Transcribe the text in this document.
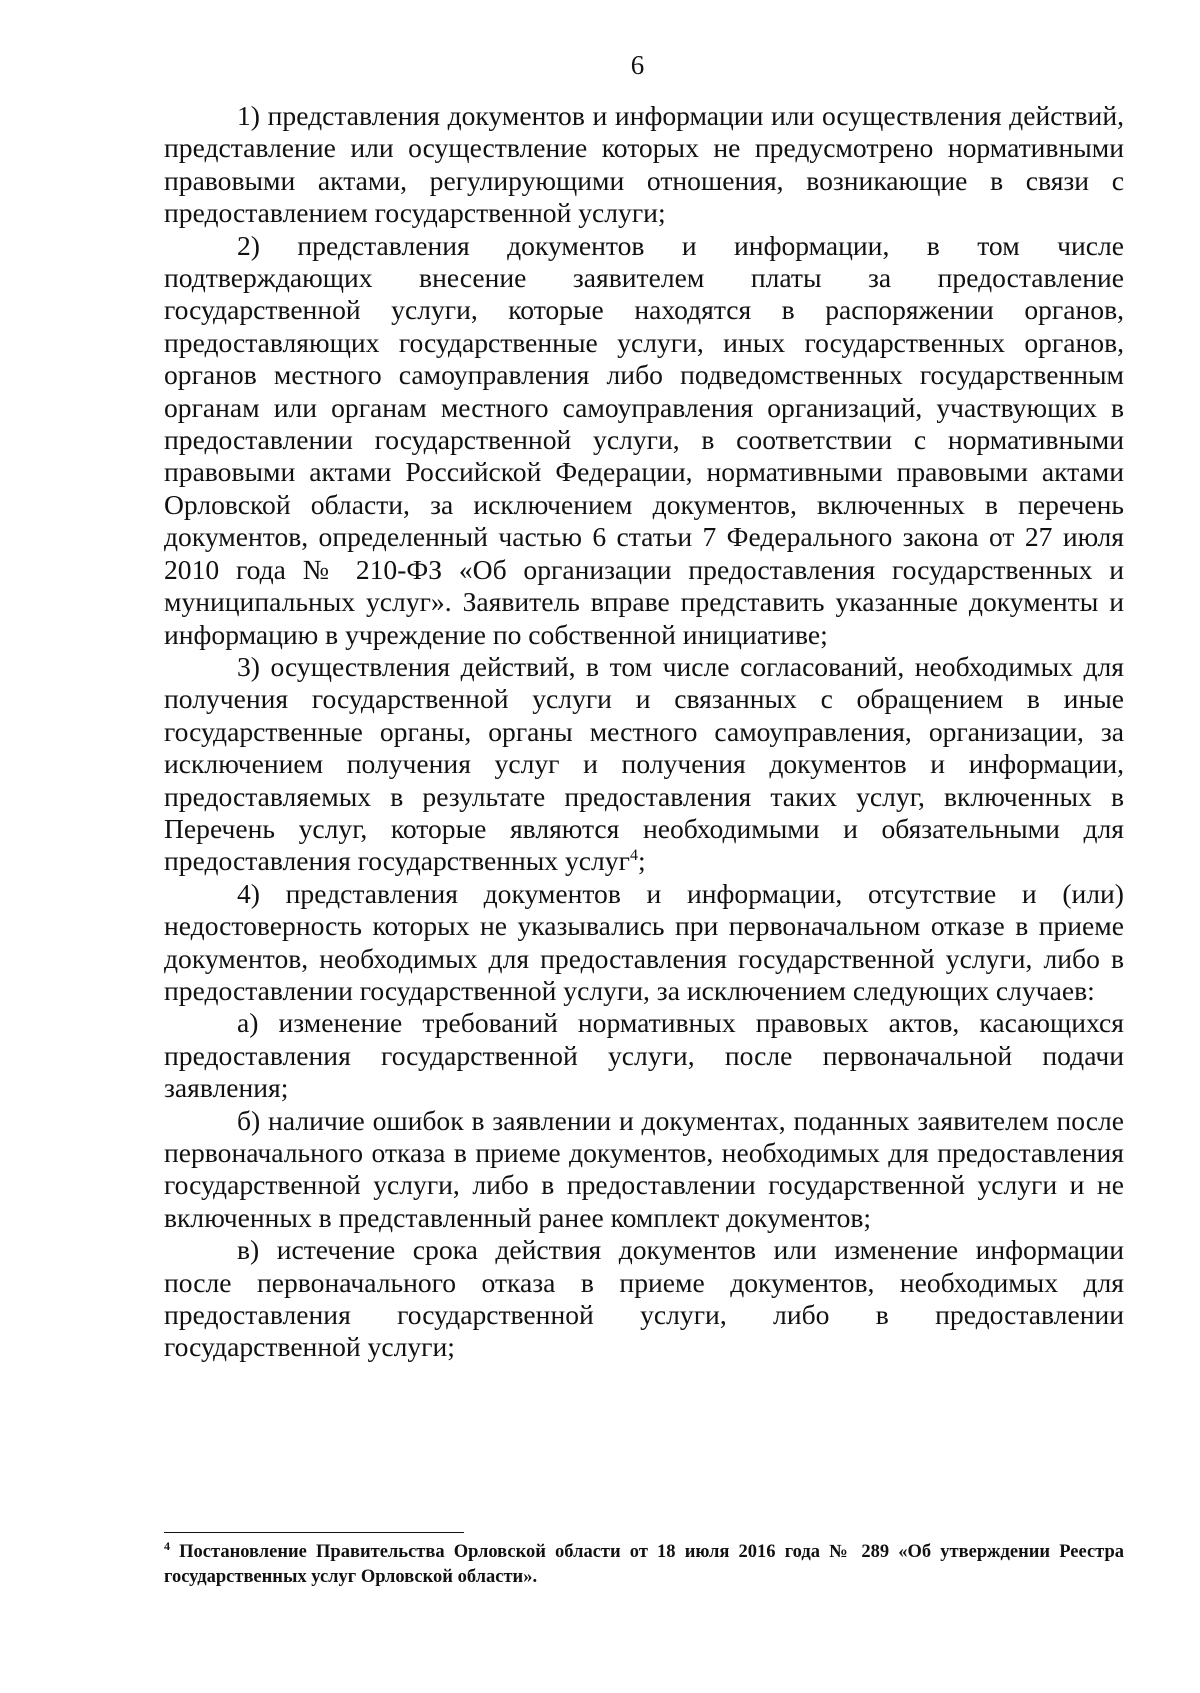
6

1) представления документов и информации или осуществления действий, представление или осуществление которых не предусмотрено нормативными правовыми актами, регулирующими отношения, возникающие в связи с предоставлением государственной услуги;

2) представления документов и информации, в том числе подтверждающих внесение заявителем платы за предоставление государственной услуги, которые находятся в распоряжении органов, предоставляющих государственные услуги, иных государственных органов, органов местного самоуправления либо подведомственных государственным органам или органам местного самоуправления организаций, участвующих в предоставлении государственной услуги, в соответствии с нормативными правовыми актами Российской Федерации, нормативными правовыми актами Орловской области, за исключением документов, включенных в перечень документов, определенный частью 6 статьи 7 Федерального закона от 27 июля 2010 года № 210-ФЗ «Об организации предоставления государственных и муниципальных услуг». Заявитель вправе представить указанные документы и информацию в учреждение по собственной инициативе;

3) осуществления действий, в том числе согласований, необходимых для получения государственной услуги и связанных с обращением в иные государственные органы, органы местного самоуправления, организации, за исключением получения услуг и получения документов и информации, предоставляемых в результате предоставления таких услуг, включенных в Перечень услуг, которые являются необходимыми и обязательными для предоставления государственных услуг$^4$;

4) представления документов и информации, отсутствие и (или) недостоверность которых не указывались при первоначальном отказе в приеме документов, необходимых для предоставления государственной услуги, либо в предоставлении государственной услуги, за исключением следующих случаев:

а) изменение требований нормативных правовых актов, касающихся предоставления государственной услуги, после первоначальной подачи заявления;

б) наличие ошибок в заявлении и документах, поданных заявителем после первоначального отказа в приеме документов, необходимых для предоставления государственной услуги, либо в предоставлении государственной услуги и не включенных в представленный ранее комплект документов;

в) истечение срока действия документов или изменение информации после первоначального отказа в приеме документов, необходимых для предоставления государственной услуги, либо в предоставлении государственной услуги;

$^4$ Постановление Правительства Орловской области от 18 июля 2016 года № 289 «Об утверждении Реестра государственных услуг Орловской области».
